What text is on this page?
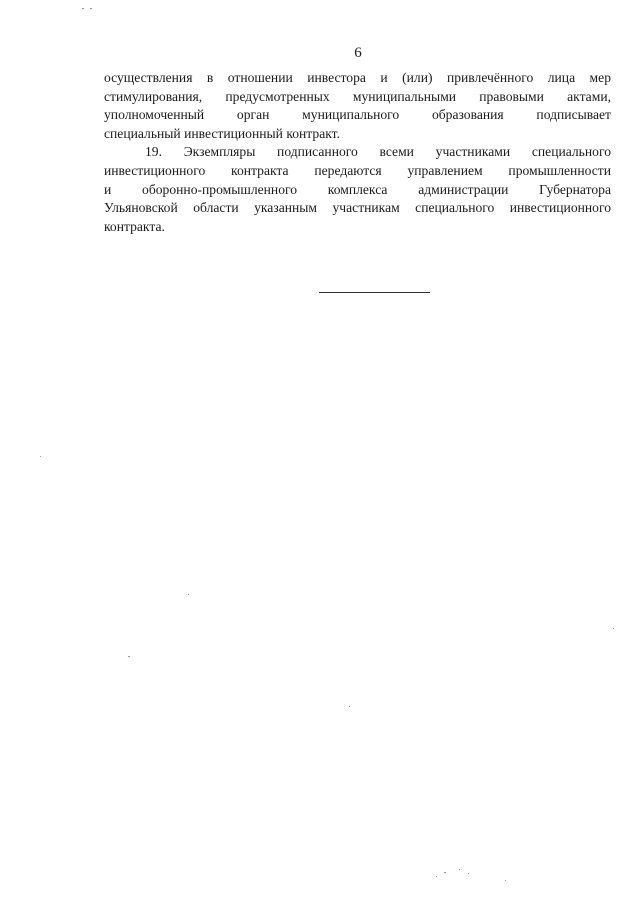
6
осуществления в отношении инвестора и (или) привлечённого лица мер
стимулирования, предусмотренных муниципальными правовыми актами,
уполномоченный орган муниципального образования подписывает
специальный инвестиционный контракт.
19. Экземпляры подписанного всеми участниками специального
инвестиционного контракта передаются управлением промышленности
и оборонно-промышленного комплекса администрации Губернатора
Ульяновской области указанным участникам специального инвестиционного
контракта.
